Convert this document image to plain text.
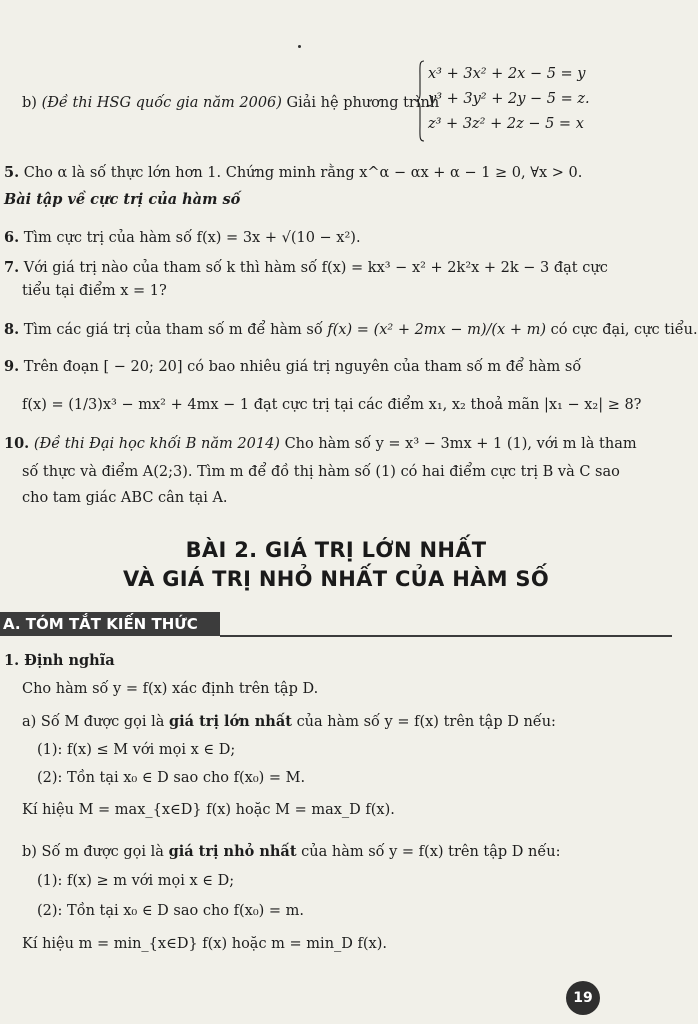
b) (Đề thi HSG quốc gia năm 2006) Giải hệ phương trình
x³ + 3x² + 2x − 5 = y
y³ + 3y² + 2y − 5 = z.
z³ + 3z² + 2z − 5 = x
5. Cho α là số thực lớn hơn 1. Chứng minh rằng x^α − αx + α − 1 ≥ 0, ∀x > 0.
Bài tập về cực trị của hàm số
6. Tìm cực trị của hàm số f(x) = 3x + √(10 − x²).
7. Với giá trị nào của tham số k thì hàm số f(x) = kx³ − x² + 2k²x + 2k − 3 đạt cực
tiểu tại điểm x = 1?
8. Tìm các giá trị của tham số m để hàm số f(x) = (x² + 2mx − m)/(x + m) có cực đại, cực tiểu.
9. Trên đoạn [ − 20; 20] có bao nhiêu giá trị nguyên của tham số m để hàm số
f(x) = (1/3)x³ − mx² + 4mx − 1 đạt cực trị tại các điểm x₁, x₂ thoả mãn |x₁ − x₂| ≥ 8?
10. (Đề thi Đại học khối B năm 2014) Cho hàm số y = x³ − 3mx + 1 (1), với m là tham
số thực và điểm A(2;3). Tìm m để đồ thị hàm số (1) có hai điểm cực trị B và C sao
cho tam giác ABC cân tại A.
BÀI 2. GIÁ TRỊ LỚN NHẤT
VÀ GIÁ TRỊ NHỎ NHẤT CỦA HÀM SỐ
A. TÓM TẮT KIẾN THỨC
1. Định nghĩa
Cho hàm số y = f(x) xác định trên tập D.
a) Số M được gọi là giá trị lớn nhất của hàm số y = f(x) trên tập D nếu:
(1): f(x) ≤ M với mọi x ∈ D;
(2): Tồn tại x₀ ∈ D sao cho f(x₀) = M.
Kí hiệu M = max_{x∈D} f(x) hoặc M = max_D f(x).
b) Số m được gọi là giá trị nhỏ nhất của hàm số y = f(x) trên tập D nếu:
(1): f(x) ≥ m với mọi x ∈ D;
(2): Tồn tại x₀ ∈ D sao cho f(x₀) = m.
Kí hiệu m = min_{x∈D} f(x) hoặc m = min_D f(x).
19
